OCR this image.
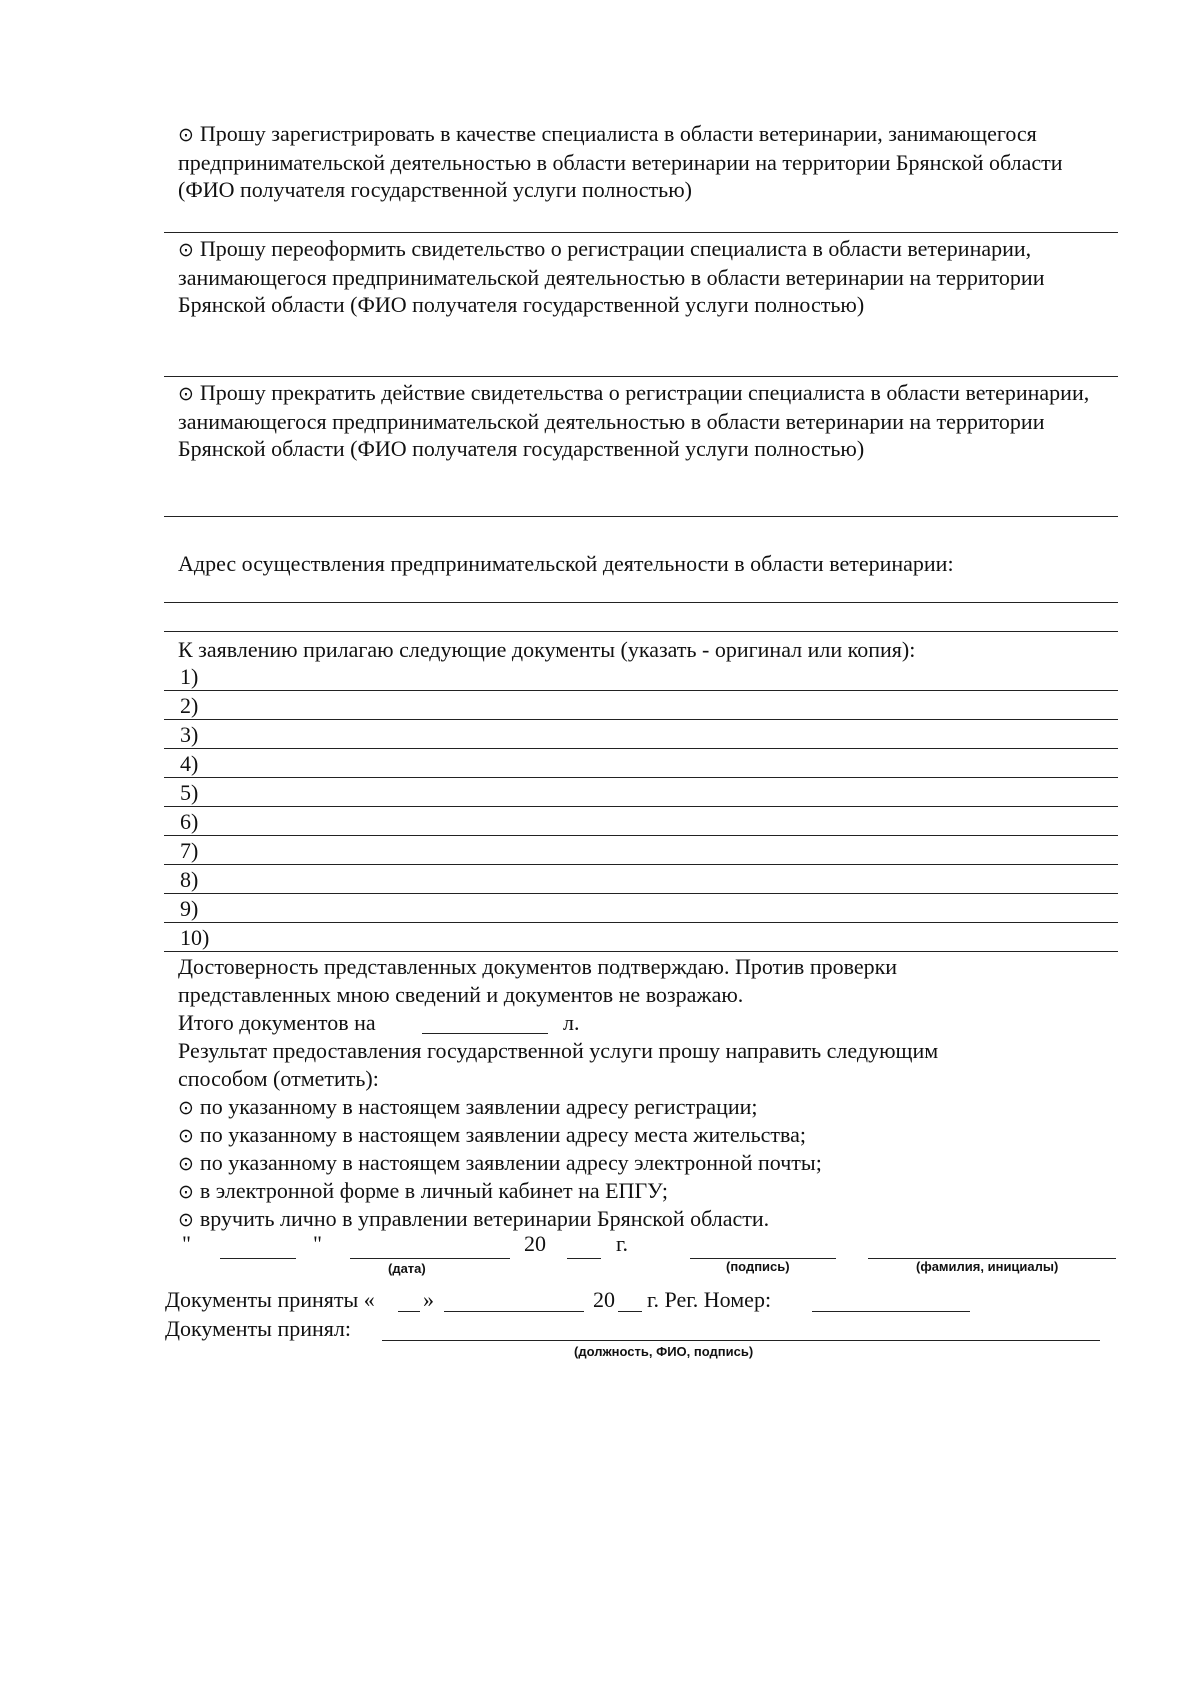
⊙ Прошу зарегистрировать в качестве специалиста в области ветеринарии, занимающегося предпринимательской деятельностью в области ветеринарии на территории Брянской области (ФИО получателя государственной услуги полностью)
⊙ Прошу переоформить свидетельство о регистрации специалиста в области ветеринарии, занимающегося предпринимательской деятельностью в области ветеринарии на территории Брянской области (ФИО получателя государственной услуги полностью)
⊙ Прошу прекратить действие свидетельства о регистрации специалиста в области ветеринарии, занимающегося предпринимательской деятельностью в области ветеринарии на территории Брянской области (ФИО получателя государственной услуги полностью)
Адрес осуществления предпринимательской деятельности в области ветеринарии:
К заявлению прилагаю следующие документы (указать - оригинал или копия):
1)
2)
3)
4)
5)
6)
7)
8)
9)
10)
Достоверность представленных документов подтверждаю. Против проверки
представленных мною сведений и документов не возражаю.
Итого документов на	л.
Результат предоставления государственной услуги прошу направить следующим
способом (отметить):
⊙ по указанному в настоящем заявлении адресу регистрации;
⊙ по указанному в настоящем заявлении адресу места жительства;
⊙ по указанному в настоящем заявлении адресу электронной почты;
⊙ в электронной форме в личный кабинет на ЕПГУ;
⊙ вручить лично в управлении ветеринарии Брянской области.
"	"	20	г.
(дата)	(подпись)	(фамилия, инициалы)
Документы приняты « »	20 г. Рег. Номер:
Документы принял:
(должность, ФИО, подпись)
